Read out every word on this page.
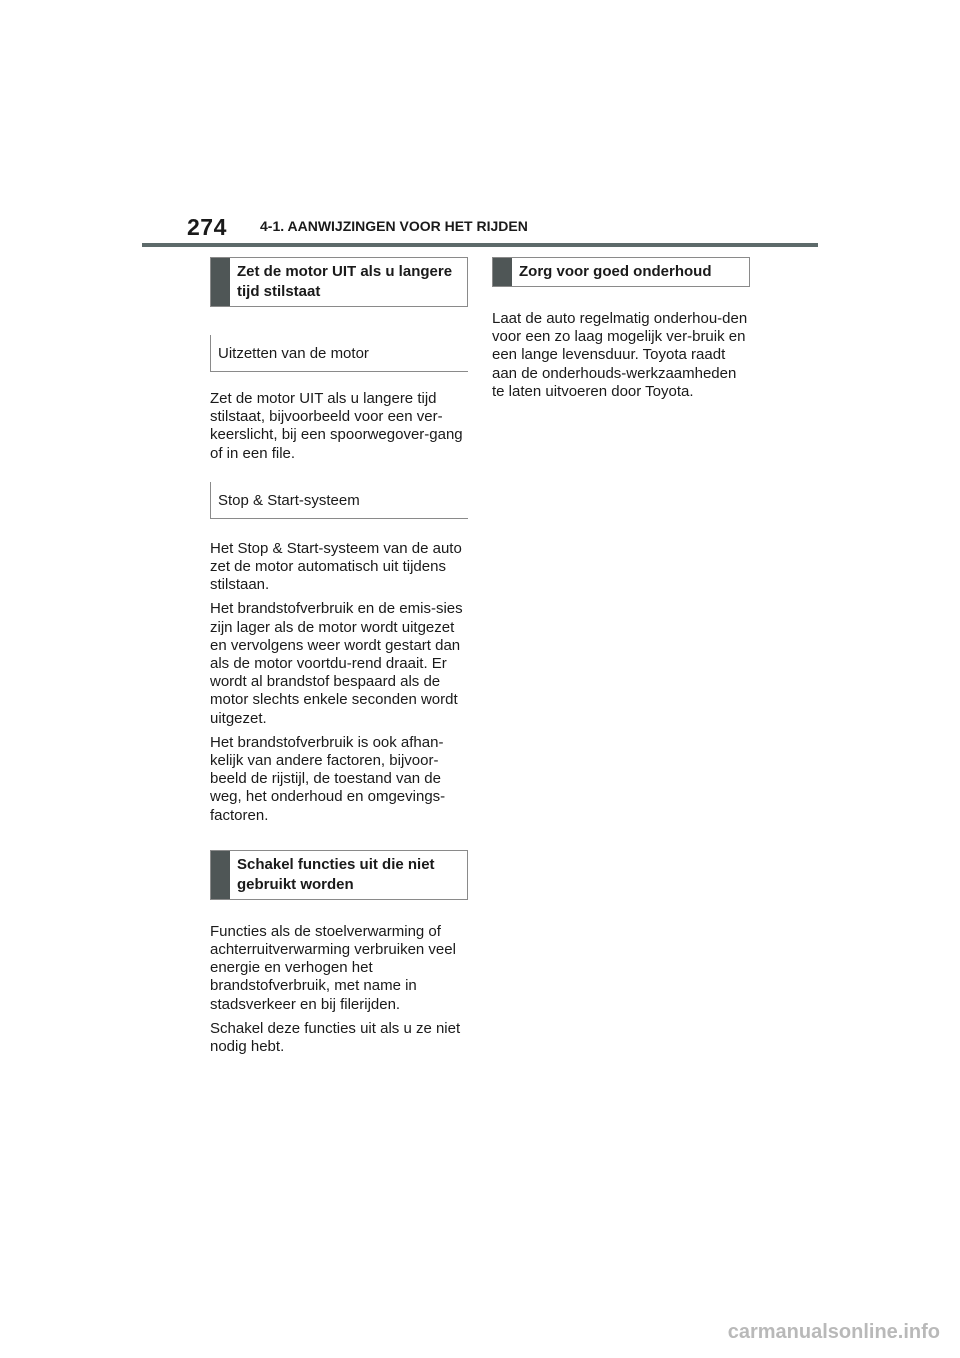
274 4-1. AANWIJZINGEN VOOR HET RIJDEN
Zet de motor UIT als u langere tijd stilstaat
Uitzetten van de motor

Zet de motor UIT als u langere tijd stilstaat, bijvoorbeeld voor een ver-keerslicht, bij een spoorwegover-gang of in een file.

Stop & Start-systeem

Het Stop & Start-systeem van de auto zet de motor automatisch uit tijdens stilstaan.

Het brandstofverbruik en de emis-sies zijn lager als de motor wordt uitgezet en vervolgens weer wordt gestart dan als de motor voortdu-rend draait. Er wordt al brandstof bespaard als de motor slechts enkele seconden wordt uitgezet.

Het brandstofverbruik is ook afhan-kelijk van andere factoren, bijvoor-beeld de rijstijl, de toestand van de weg, het onderhoud en omgevings-factoren.

Schakel functies uit die niet gebruikt worden

Functies als de stoelverwarming of achterruitverwarming verbruiken veel energie en verhogen het brandstofverbruik, met name in stadsverkeer en bij filerijden.

Schakel deze functies uit als u ze niet nodig hebt.

Zorg voor goed onderhoud

Laat de auto regelmatig onderhou-den voor een zo laag mogelijk ver-bruik en een lange levensduur. Toyota raadt aan de onderhouds-werkzaamheden te laten uitvoeren door Toyota.

carmanualsonline.info
